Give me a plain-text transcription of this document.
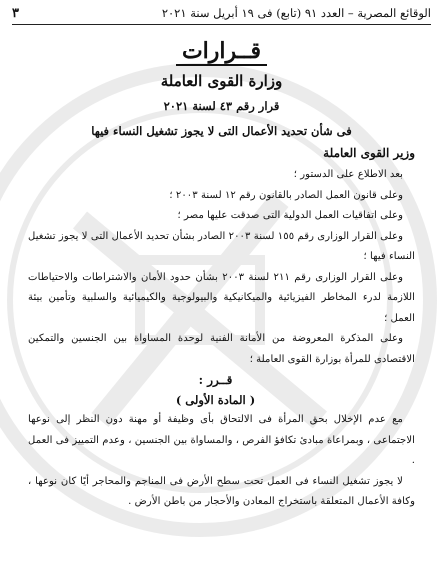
الوقائع المصرية – العدد ٩١ (تابع) فى ١٩ أبريل سنة ٢٠٢١
٣
قــرارات
وزارة القوى العاملة
قرار رقم ٤٣ لسنة ٢٠٢١
فى شأن تحديد الأعمال التى لا يجوز تشغيل النساء فيها
وزير القوى العاملة

بعد الاطلاع على الدستور ؛

وعلى قانون العمل الصادر بالقانون رقم ١٢ لسنة ٢٠٠٣ ؛

وعلى اتفاقيات العمل الدولية التى صدقت عليها مصر ؛

وعلى القرار الوزارى رقم ١٥٥ لسنة ٢٠٠٣ الصادر بشأن تحديد الأعمال التى لا يجوز تشغيل النساء فيها ؛

وعلى القرار الوزارى رقم ٢١١ لسنة ٢٠٠٣ بشأن حدود الأمان والاشتراطات والاحتياطات اللازمة لدرء المخاطر الفيزيائية والميكانيكية والبيولوجية والكيميائية والسلبية وتأمين بيئة العمل ؛

وعلى المذكرة المعروضة من الأمانة الفنية لوحدة المساواة بين الجنسين والتمكين الاقتصادى للمرأة بوزارة القوى العاملة ؛

قــرر :

( المادة الأولى )

مع عدم الإخلال بحق المرأة فى الالتحاق بأى وظيفة أو مهنة دون النظر إلى نوعها الاجتماعى ، وبمراعاة مبادئ تكافؤ الفرص ، والمساواة بين الجنسين ، وعدم التمييز فى العمل .

لا يجوز تشغيل النساء فى العمل تحت سطح الأرض فى المناجم والمحاجر أيًا كان نوعها ، وكافة الأعمال المتعلقة باستخراج المعادن والأحجار من باطن الأرض .
